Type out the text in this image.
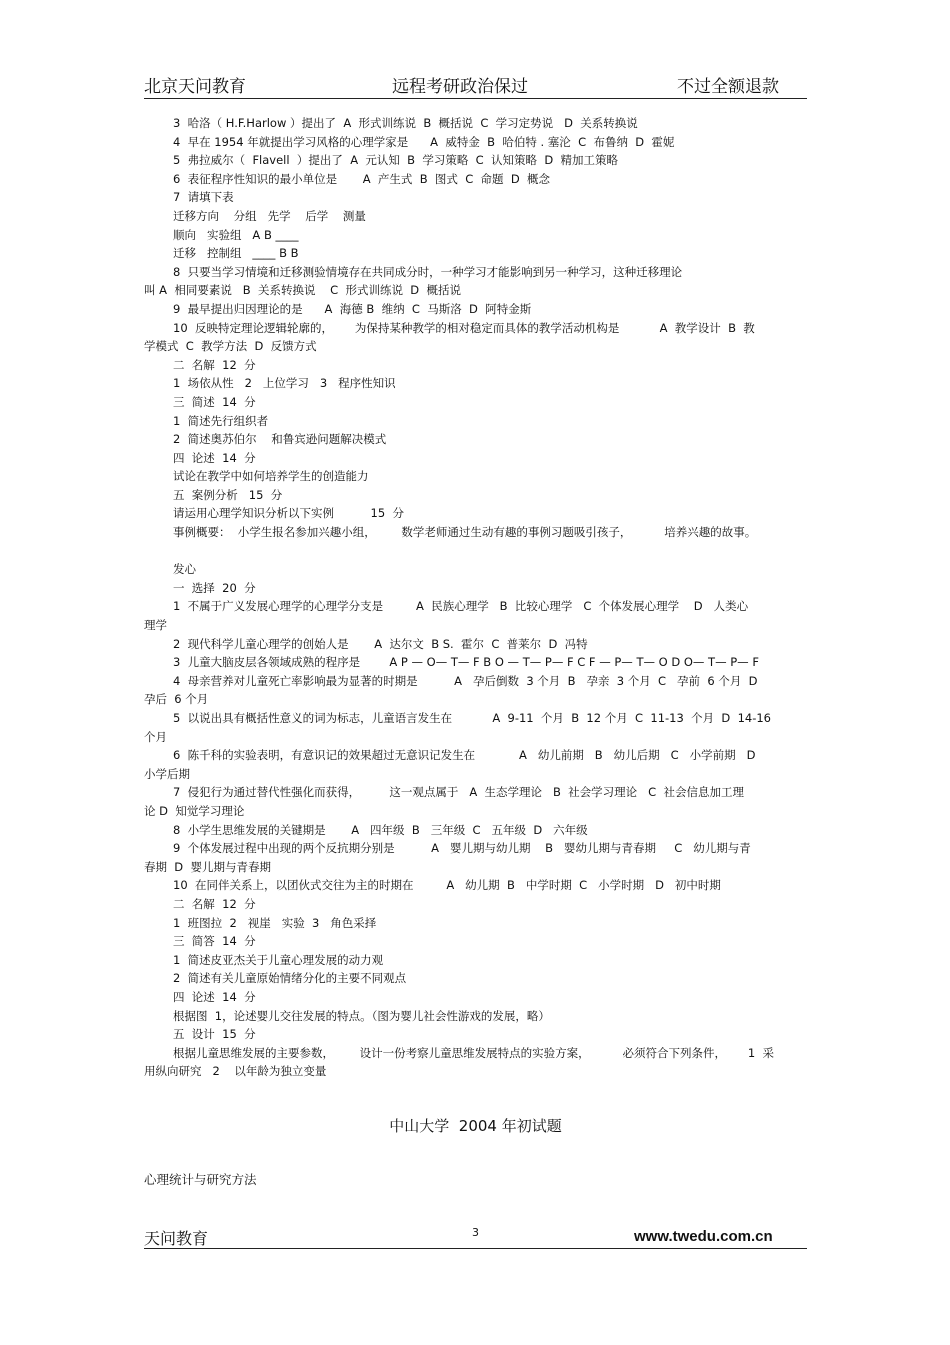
北京天问教育	远程考研政治保过	不过全额退款
3  哈洛（ H.F.Harlow ）提出了  A  形式训练说  B  概括说  C  学习定势说   D  关系转换说
4  早在 1954 年就提出学习风格的心理学家是      A  威特金  B  哈伯特 . 塞沦  C  布鲁纳  D  霍妮
5  弗拉威尔（  Flavell  ）提出了  A  元认知  B  学习策略  C  认知策略  D  精加工策略
6  表征程序性知识的最小单位是       A  产生式  B  图式  C  命题  D  概念
7  请填下表
迁移方向    分组   先学    后学    测量
顺向   实验组   A B ____
迁移   控制组   ____ B B
8  只要当学习情境和迁移测验情境存在共同成分时，一种学习才能影响到另一种学习，这种迁移理论
叫 A  相同要素说   B  关系转换说    C  形式训练说  D  概括说
9  最早提出归因理论的是      A  海德 B  维纳  C  马斯洛  D  阿特金斯
10  反映特定理论逻辑轮廓的，      为保持某种教学的相对稳定而具体的教学活动机构是           A  教学设计  B  教
学模式  C  教学方法  D  反馈方式
二  名解  12  分
1  场依从性   2   上位学习   3   程序性知识
三  简述  14  分
1  简述先行组织者
2  简述奥苏伯尔    和鲁宾逊问题解决模式
四  论述  14  分
试论在教学中如何培养学生的创造能力
五  案例分析   15  分
请运用心理学知识分析以下实例          15  分
事例概要：  小学生报名参加兴趣小组，       数学老师通过生动有趣的事例习题吸引孩子，         培养兴趣的故事。
发心
一  选择  20  分
1  不属于广义发展心理学的心理学分支是         A  民族心理学   B  比较心理学   C  个体发展心理学    D   人类心
理学
2  现代科学儿童心理学的创始人是       A  达尔文  B S.  霍尔  C  普莱尔  D  冯特
3  儿童大脑皮层各领域成熟的程序是        A P — O— T— F B O — T— P— F C F — P— T— O D O— T— P— F
4  母亲营养对儿童死亡率影响最为显著的时期是          A   孕后倒数  3 个月  B   孕亲  3 个月  C   孕前  6 个月  D
孕后  6 个月
5  以说出具有概括性意义的词为标志，儿童语言发生在           A  9-11  个月  B  12 个月  C  11-13  个月  D  14-16
个月
6  陈千科的实验表明，有意识记的效果超过无意识记发生在            A   幼儿前期   B   幼儿后期   C   小学前期   D
小学后期
7  侵犯行为通过替代性强化而获得，        这一观点属于   A  生态学理论   B  社会学习理论   C  社会信息加工理
论 D  知觉学习理论
8  小学生思维发展的关键期是       A   四年级  B   三年级  C   五年级  D   六年级
9  个体发展过程中出现的两个反抗期分别是          A   婴儿期与幼儿期    B   婴幼儿期与青春期     C   幼儿期与青
春期  D  婴儿期与青春期
10  在同伴关系上，以团伙式交往为主的时期在         A   幼儿期  B   中学时期  C   小学时期   D   初中时期
二  名解  12  分
1  班图拉  2   视崖   实验  3   角色采择
三  简答  14  分
1  简述皮亚杰关于儿童心理发展的动力观
2  简述有关儿童原始情绪分化的主要不同观点
四  论述  14  分
根据图  1，论述婴儿交往发展的特点。（图为婴儿社会性游戏的发展，略）
五  设计  15  分
根据儿童思维发展的主要参数，       设计一份考察儿童思维发展特点的实验方案，         必须符合下列条件，      1  采
用纵向研究   2    以年龄为独立变量
中山大学  2004 年初试题
心理统计与研究方法
天问教育	3	www.twedu.com.cn
